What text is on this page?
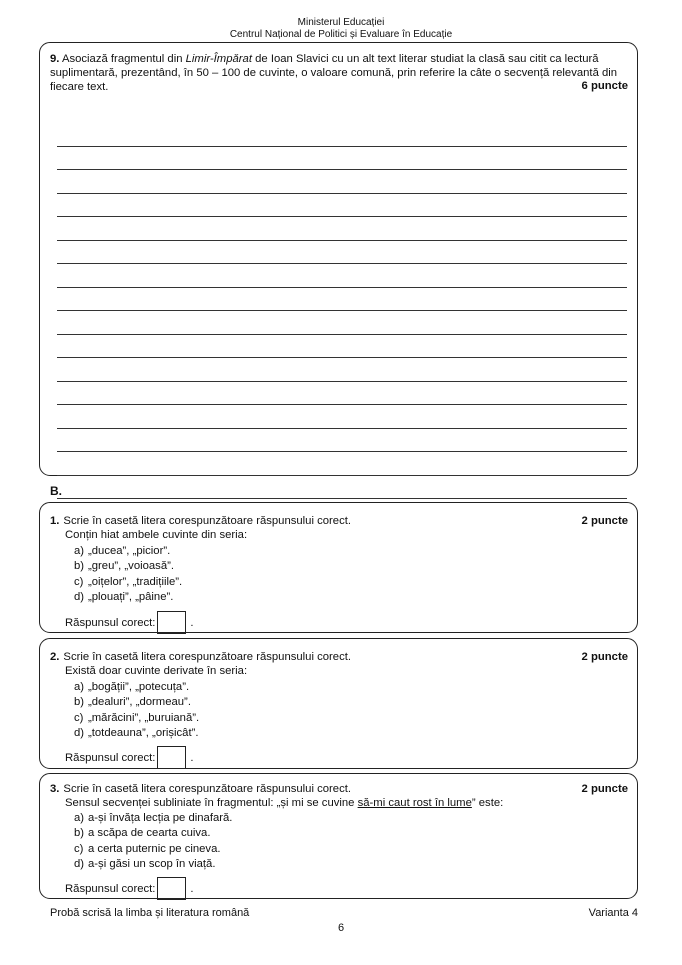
Ministerul Educației
Centrul Național de Politici și Evaluare în Educație
9. Asociază fragmentul din Limir-Împărat de Ioan Slavici cu un alt text literar studiat la clasă sau citit ca lectură suplimentară, prezentând, în 50 – 100 de cuvinte, o valoare comună, prin referire la câte o secvență relevantă din fiecare text.	6 puncte
B.
1. Scrie în casetă litera corespunzătoare răspunsului corect.	2 puncte
Conțin hiat ambele cuvinte din seria:
a) „ducea”, „picior”.
b) „greu”, „voioasă”.
c) „oițelor”, „tradițiile”.
d) „plouați”, „pâine”.
Răspunsul corect:	.
2. Scrie în casetă litera corespunzătoare răspunsului corect.	2 puncte
Există doar cuvinte derivate în seria:
a) „bogății”, „potecuța”.
b) „dealuri”, „dormeau”.
c) „mărăcini”, „buruiană”.
d) „totdeauna”, „orișicât”.
Răspunsul corect:	.
3. Scrie în casetă litera corespunzătoare răspunsului corect.	2 puncte
Sensul secvenței subliniate în fragmentul: „și mi se cuvine să-mi caut rost în lume” este:
a) a-și învăța lecția pe dinafară.
b) a scăpa de cearta cuiva.
c) a certa puternic pe cineva.
d) a-și găsi un scop în viață.
Răspunsul corect:	.
Probă scrisă la limba și literatura română	Varianta 4
6
